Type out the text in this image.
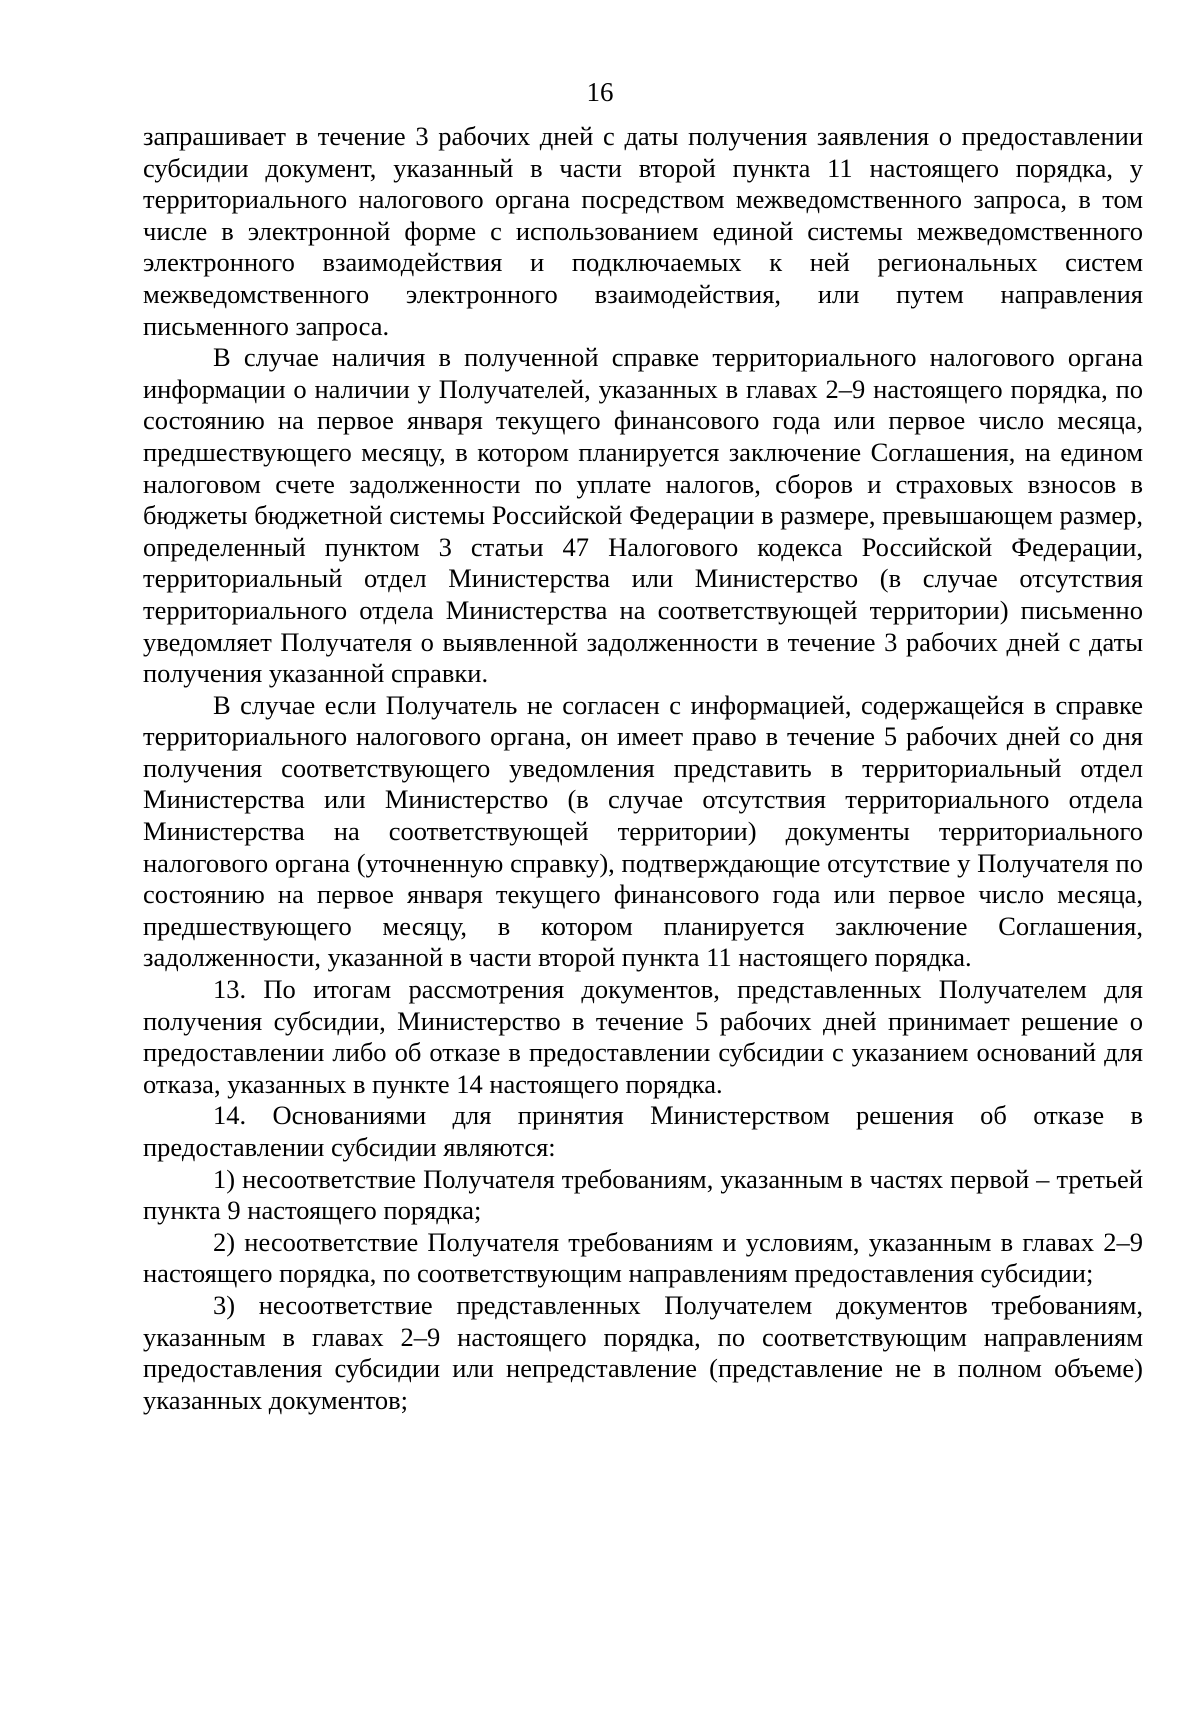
16

запрашивает в течение 3 рабочих дней с даты получения заявления о предоставлении субсидии документ, указанный в части второй пункта 11 настоящего порядка, у территориального налогового органа посредством межведомственного запроса, в том числе в электронной форме с использованием единой системы межведомственного электронного взаимодействия и подключаемых к ней региональных систем межведомственного электронного взаимодействия, или путем направления письменного запроса.

В случае наличия в полученной справке территориального налогового органа информации о наличии у Получателей, указанных в главах 2–9 настоящего порядка, по состоянию на первое января текущего финансового года или первое число месяца, предшествующего месяцу, в котором планируется заключение Соглашения, на едином налоговом счете задолженности по уплате налогов, сборов и страховых взносов в бюджеты бюджетной системы Российской Федерации в размере, превышающем размер, определенный пунктом 3 статьи 47 Налогового кодекса Российской Федерации, территориальный отдел Министерства или Министерство (в случае отсутствия территориального отдела Министерства на соответствующей территории) письменно уведомляет Получателя о выявленной задолженности в течение 3 рабочих дней с даты получения указанной справки.

В случае если Получатель не согласен с информацией, содержащейся в справке территориального налогового органа, он имеет право в течение 5 рабочих дней со дня получения соответствующего уведомления представить в территориальный отдел Министерства или Министерство (в случае отсутствия территориального отдела Министерства на соответствующей территории) документы территориального налогового органа (уточненную справку), подтверждающие отсутствие у Получателя по состоянию на первое января текущего финансового года или первое число месяца, предшествующего месяцу, в котором планируется заключение Соглашения, задолженности, указанной в части второй пункта 11 настоящего порядка.

13. По итогам рассмотрения документов, представленных Получателем для получения субсидии, Министерство в течение 5 рабочих дней принимает решение о предоставлении либо об отказе в предоставлении субсидии с указанием оснований для отказа, указанных в пункте 14 настоящего порядка.

14. Основаниями для принятия Министерством решения об отказе в предоставлении субсидии являются:

1) несоответствие Получателя требованиям, указанным в частях первой – третьей пункта 9 настоящего порядка;

2) несоответствие Получателя требованиям и условиям, указанным в главах 2–9 настоящего порядка, по соответствующим направлениям предоставления субсидии;

3) несоответствие представленных Получателем документов требованиям, указанным в главах 2–9 настоящего порядка, по соответствующим направлениям предоставления субсидии или непредставление (представление не в полном объеме) указанных документов;
